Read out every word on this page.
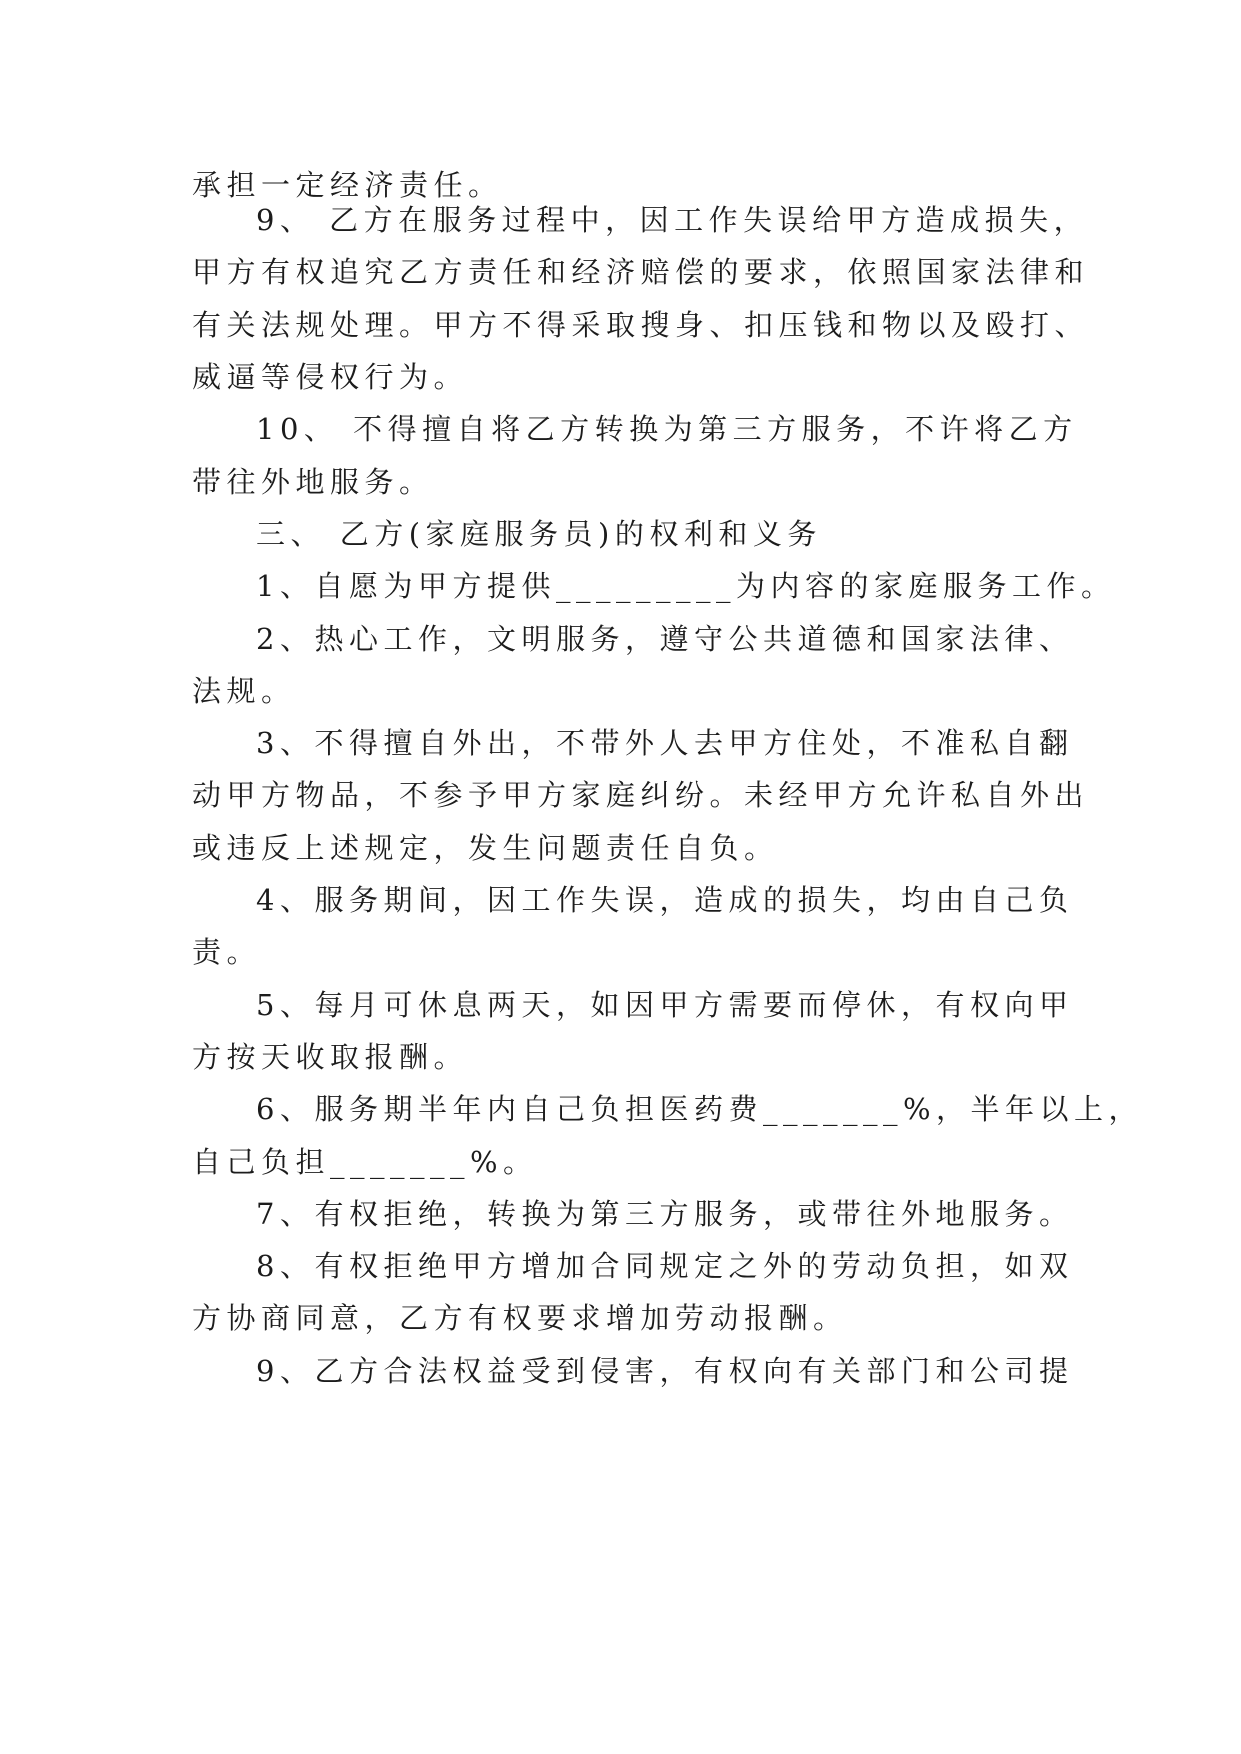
承担一定经济责任。
9、 乙方在服务过程中，因工作失误给甲方造成损失，
甲方有权追究乙方责任和经济赔偿的要求，依照国家法律和
有关法规处理。甲方不得采取搜身、扣压钱和物以及殴打、
威逼等侵权行为。
10、 不得擅自将乙方转换为第三方服务，不许将乙方
带往外地服务。
三、 乙方(家庭服务员)的权利和义务
1、自愿为甲方提供_________为内容的家庭服务工作。
2、热心工作，文明服务，遵守公共道德和国家法律、
法规。
3、不得擅自外出，不带外人去甲方住处，不准私自翻
动甲方物品，不参予甲方家庭纠纷。未经甲方允许私自外出
或违反上述规定，发生问题责任自负。
4、服务期间，因工作失误，造成的损失，均由自己负
责。
5、每月可休息两天，如因甲方需要而停休，有权向甲
方按天收取报酬。
6、服务期半年内自己负担医药费_______%，半年以上，
自己负担_______%。
7、有权拒绝，转换为第三方服务，或带往外地服务。
8、有权拒绝甲方增加合同规定之外的劳动负担，如双
方协商同意，乙方有权要求增加劳动报酬。
9、乙方合法权益受到侵害，有权向有关部门和公司提
